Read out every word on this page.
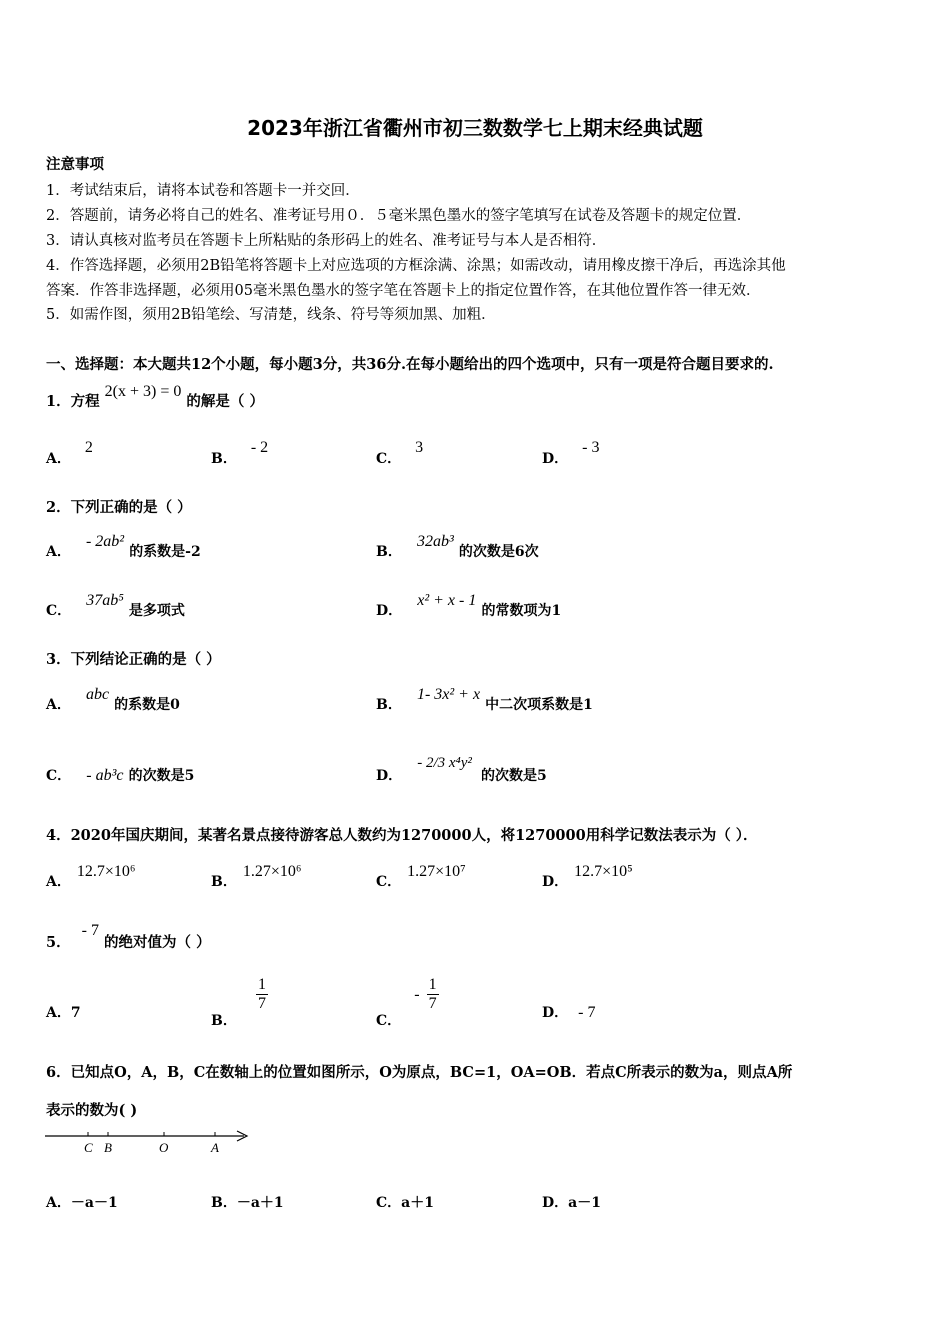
2023年浙江省衢州市初三数数学七上期末经典试题
注意事项
1．考试结束后，请将本试卷和答题卡一并交回．
2．答题前，请务必将自己的姓名、准考证号用０．５毫米黑色墨水的签字笔填写在试卷及答题卡的规定位置．
3．请认真核对监考员在答题卡上所粘贴的条形码上的姓名、准考证号与本人是否相符．
4．作答选择题，必须用2B铅笔将答题卡上对应选项的方框涂满、涂黑；如需改动，请用橡皮擦干净后，再选涂其他
答案．作答非选择题，必须用05毫米黑色墨水的签字笔在答题卡上的指定位置作答，在其他位置作答一律无效．
5．如需作图，须用2B铅笔绘、写清楚，线条、符号等须加黑、加粗．
一、选择题：本大题共12个小题，每小题3分，共36分.在每小题给出的四个选项中，只有一项是符合题目要求的.
1．方程 2(x + 3) = 0 的解是（ ）
A．2
B．- 2
C．3
D．- 3
2．下列正确的是（ ）
A． - 2ab² 的系数是-2	B． 32ab³ 的次数是6次
C． 37ab⁵ 是多项式	D． x² + x - 1 的常数项为1
3．下列结论正确的是（ ）
A． abc 的系数是0	B． 1- 3x² + x 中二次项系数是1
C． - ab³c 的次数是5	D． - 2/3 x⁴y² 的次数是5
4．2020年国庆期间，某著名景点接待游客总人数约为1270000人，将1270000用科学记数法表示为（ ）．
A．12.7×10⁶
B．1.27×10⁶
C．1.27×10⁷
D．12.7×10⁵
5． - 7 的绝对值为（ ）
A．7	B．
$\frac{1}{7}$
C． - $\frac{1}{7}$	D． - 7
6．已知点O，A，B，C在数轴上的位置如图所示，O为原点，BC=1，OA=OB．若点C所表示的数为a，则点A所
表示的数为( )
C B	O	A
A．－a－1	B．－a＋1	C．a＋1	D．a－1
